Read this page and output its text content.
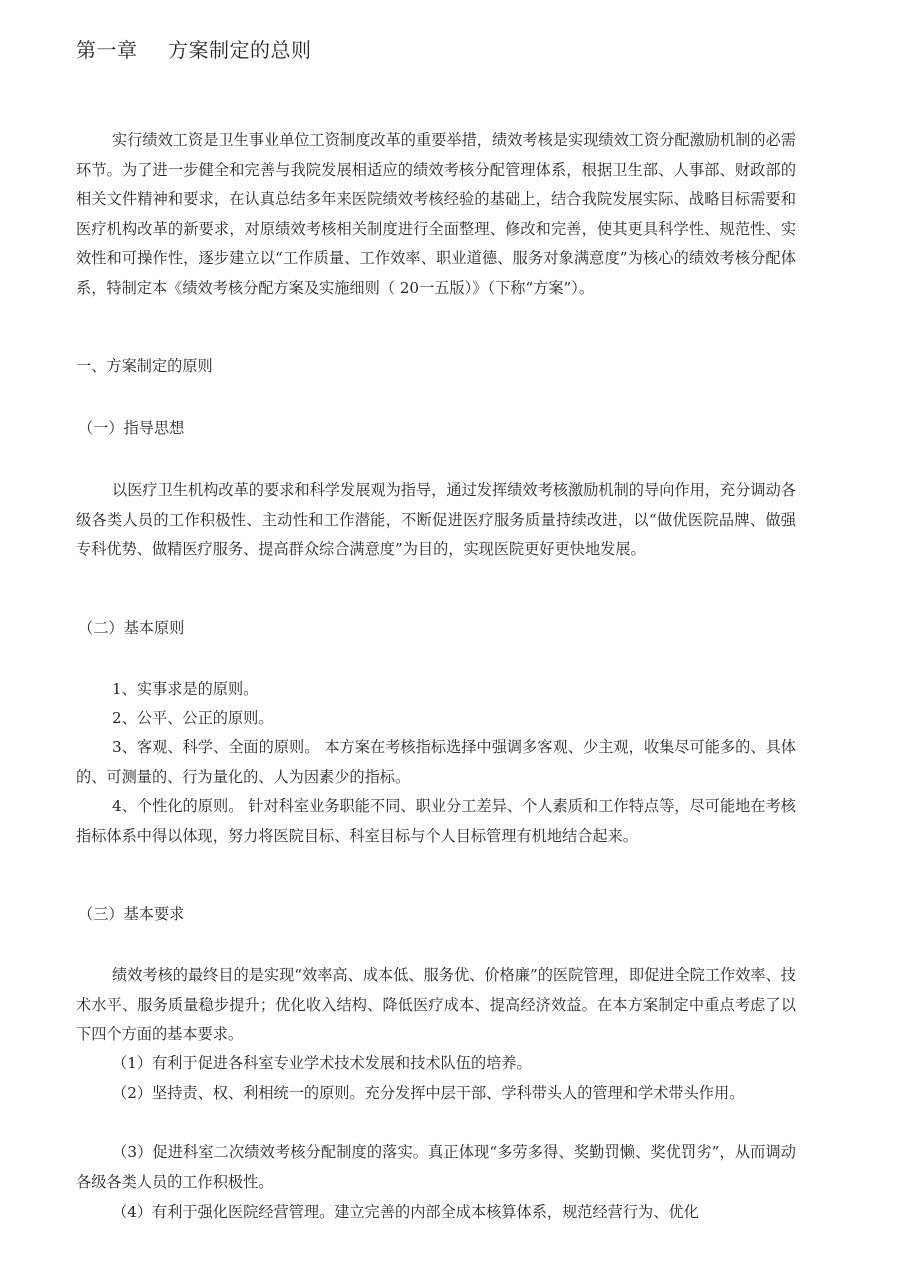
第一章 方案制定的总则
实行绩效工资是卫生事业单位工资制度改革的重要举措，绩效考核是实现绩效工资分配激励机制的必需环节。为了进一步健全和完善与我院发展相适应的绩效考核分配管理体系，根据卫生部、人事部、财政部的相关文件精神和要求，在认真总结多年来医院绩效考核经验的基础上，结合我院发展实际、战略目标需要和医疗机构改革的新要求，对原绩效考核相关制度进行全面整理、修改和完善，使其更具科学性、规范性、实效性和可操作性，逐步建立以“工作质量、工作效率、职业道德、服务对象满意度”为核心的绩效考核分配体系，特制定本《绩效考核分配方案及实施细则（ 20一五版）》（下称“方案”）。
一、方案制定的原则
（一）指导思想
以医疗卫生机构改革的要求和科学发展观为指导，通过发挥绩效考核激励机制的导向作用，充分调动各级各类人员的工作积极性、主动性和工作潜能，不断促进医疗服务质量持续改进，以“做优医院品牌、做强专科优势、做精医疗服务、提高群众综合满意度”为目的，实现医院更好更快地发展。
（二）基本原则
1、实事求是的原则。
2、公平、公正的原则。
3、客观、科学、全面的原则。 本方案在考核指标选择中强调多客观、少主观，收集尽可能多的、具体的、可测量的、行为量化的、人为因素少的指标。
4、个性化的原则。 针对科室业务职能不同、职业分工差异、个人素质和工作特点等，尽可能地在考核指标体系中得以体现，努力将医院目标、科室目标与个人目标管理有机地结合起来。
（三）基本要求
绩效考核的最终目的是实现“效率高、成本低、服务优、价格廉”的医院管理，即促进全院工作效率、技术水平、服务质量稳步提升；优化收入结构、降低医疗成本、提高经济效益。在本方案制定中重点考虑了以下四个方面的基本要求。
（1）有利于促进各科室专业学术技术发展和技术队伍的培养。
（2）坚持责、权、利相统一的原则。充分发挥中层干部、学科带头人的管理和学术带头作用。
（3）促进科室二次绩效考核分配制度的落实。真正体现“多劳多得、奖勤罚懒、奖优罚劣”，从而调动各级各类人员的工作积极性。
（4）有利于强化医院经营管理。建立完善的内部全成本核算体系，规范经营行为、优化
